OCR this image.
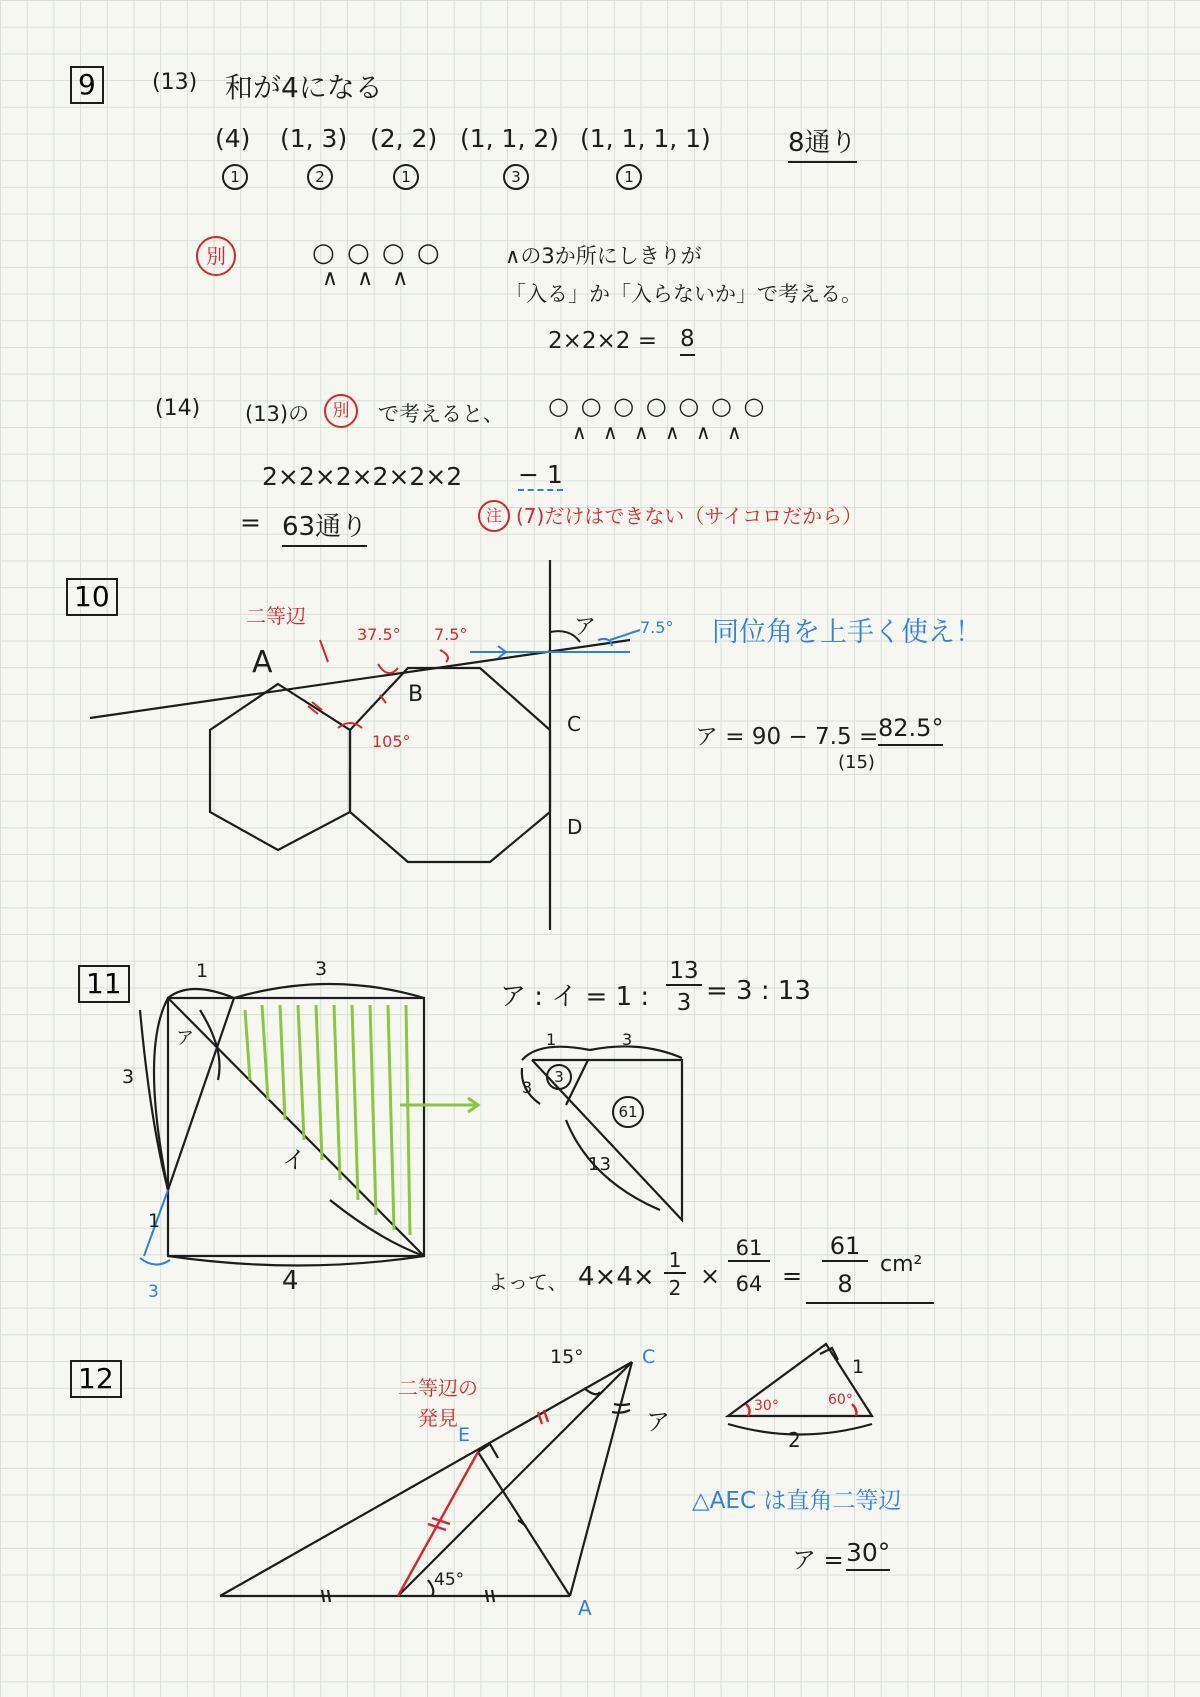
9	(13) 和が4になる
(4) (1, 3) (2, 2) (1, 1, 2) (1, 1, 1, 1)
1	2	1	3	1
8通り
別	○ ○ ○ ○
∧ ∧ ∧
∧の3か所にしきりが
「入る」か「入らないか」で考える。
2×2×2 = 8
(14) (13)の	別	で考えると、 ○ ○ ○ ○ ○ ○ ○
∧ ∧ ∧ ∧ ∧ ∧
2×2×2×2×2×2 − 1
= 63通り	注 (7)だけはできない（サイコロだから）
10
二等辺
37.5° 7.5°	7.5°
105°
A
B
C
D
ア	同位角を上手く使え！
ア = 90 − 7.5 = 82.5°
(15)
11	1	3
3
1
3	4
ア
イ
ア : イ = 1 :
13
3 = 3 : 13
1	3
3
3
61
13
よって、 4×4×
1
2 ×
61
64 =
61
8
cm²
12	二等辺の
発見
15°
45°
C
E
A
ア
30°	60°
1
2
△AEC は直角二等辺
ア = 30°
